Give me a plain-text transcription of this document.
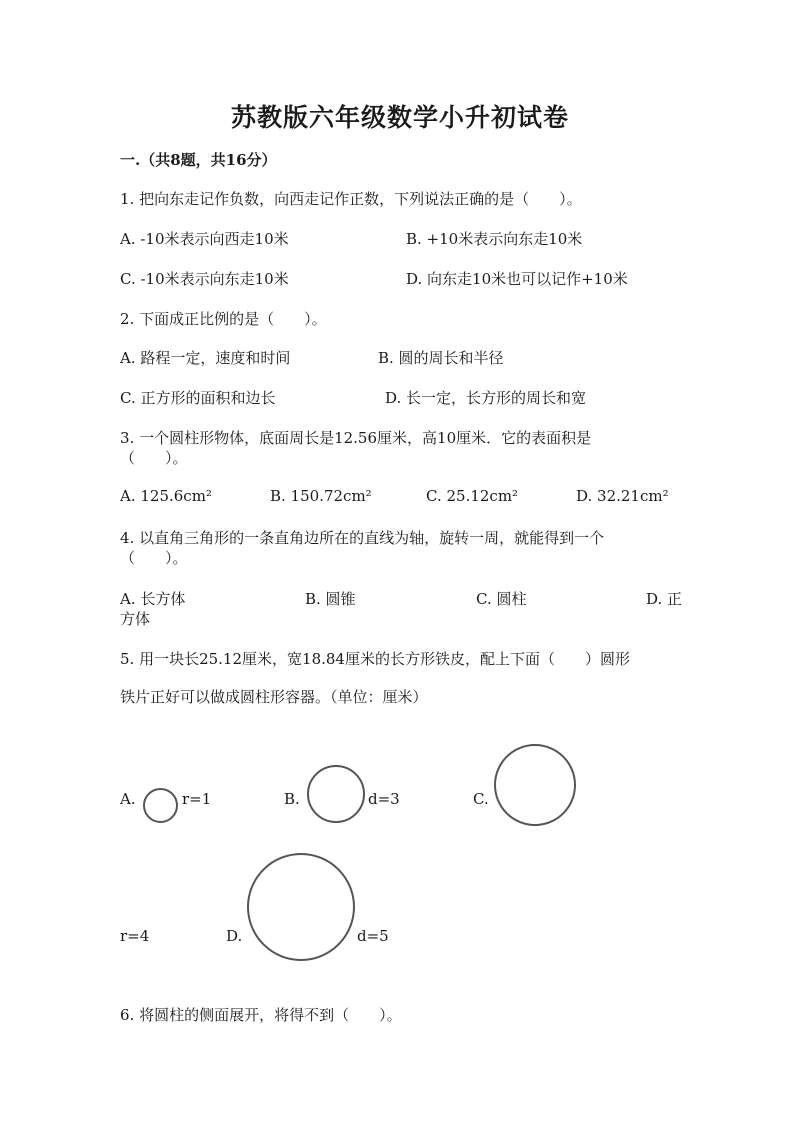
苏教版六年级数学小升初试卷
一.（共8题，共16分）
1. 把向东走记作负数，向西走记作正数，下列说法正确的是（　　）。
A. -10米表示向西走10米	B. +10米表示向东走10米
C. -10米表示向东走10米	D. 向东走10米也可以记作+10米
2. 下面成正比例的是（　　）。
A. 路程一定，速度和时间	B. 圆的周长和半径
C. 正方形的面积和边长	D. 长一定，长方形的周长和宽
3. 一个圆柱形物体，底面周长是12.56厘米，高10厘米．它的表面积是
（　　）。
A. 125.6cm²	B. 150.72cm²	C. 25.12cm²	D. 32.21cm²
4. 以直角三角形的一条直角边所在的直线为轴，旋转一周，就能得到一个
（　　）。
A. 长方体	B. 圆锥	C. 圆柱	D. 正
方体
5. 用一块长25.12厘米，宽18.84厘米的长方形铁皮，配上下面（　　）圆形
铁片正好可以做成圆柱形容器。（单位：厘米）
A.	r=1	B.	d=3	C.
r=4	D.	d=5
6. 将圆柱的侧面展开，将得不到（　　）。
